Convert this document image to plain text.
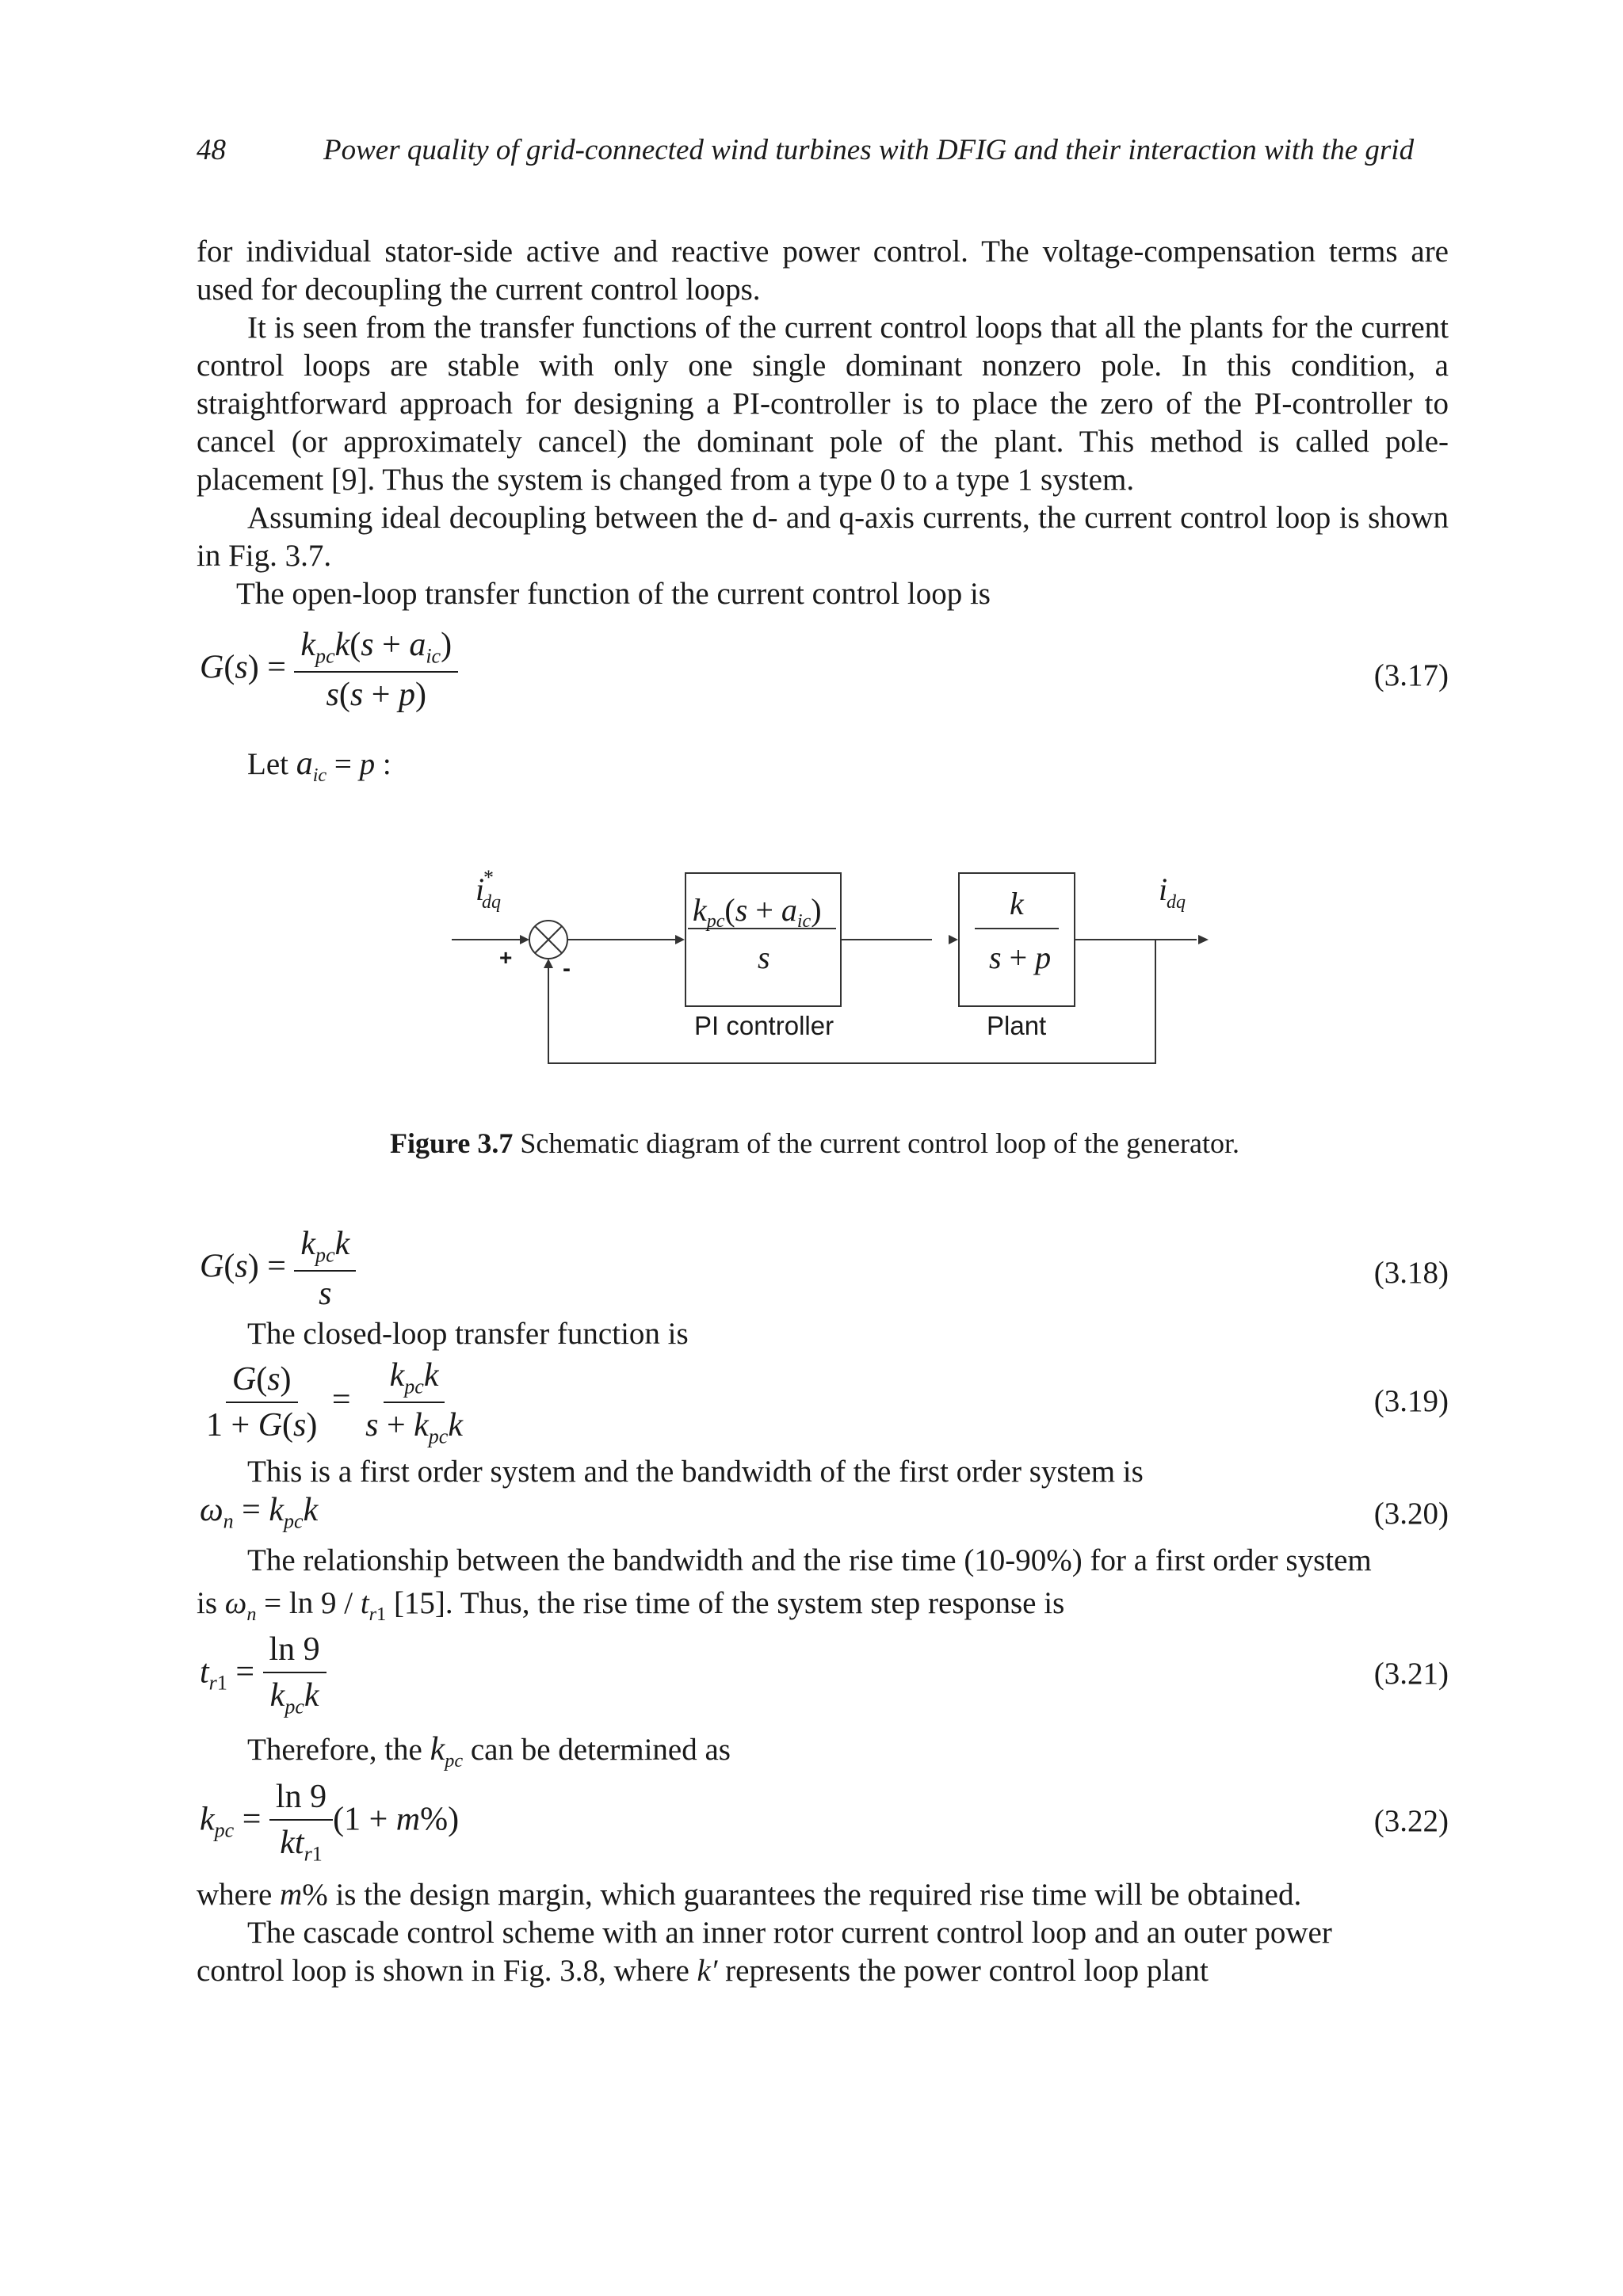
48	Power quality of grid-connected wind turbines with DFIG and their interaction with the grid
for individual stator-side active and reactive power control. The voltage-compensation terms are used for decoupling the current control loops.
It is seen from the transfer functions of the current control loops that all the plants for the current control loops are stable with only one single dominant nonzero pole. In this condition, a straightforward approach for designing a PI-controller is to place the zero of the PI-controller to cancel (or approximately cancel) the dominant pole of the plant. This method is called pole-placement [9]. Thus the system is changed from a type 0 to a type 1 system.
Assuming ideal decoupling between the d- and q-axis currents, the current control loop is shown in Fig. 3.7.
The open-loop transfer function of the current control loop is
$G(s) = \frac{k_{pc}k(s + a_{ic})}{s(s + p)}$	(3.17)
Let $a_{ic} = p$ :
i
dq
*
+ -
$k_{pc}(s + a_{ic})$
s
k
s + p
i
dq
PI controller	Plant
Figure 3.7 Schematic diagram of the current control loop of the generator.
$G(s) = \frac{k_{pc}k}{s}$	(3.18)
The closed-loop transfer function is
$\frac{G(s)}{1 + G(s)} = \frac{k_{pc}k}{s + k_{pc}k}$	(3.19)
This is a first order system and the bandwidth of the first order system is
$\omega_n = k_{pc}k$	(3.20)
The relationship between the bandwidth and the rise time (10-90%) for a first order system
is $\omega_n = \ln 9 / t_{r1}$ [15]. Thus, the rise time of the system step response is
$t_{r1} = \frac{\ln 9}{k_{pc}k}$	(3.21)
Therefore, the $k_{pc}$ can be determined as
$k_{pc} = \frac{\ln 9}{kt_{r1}} (1 + m\%)$	(3.22)
where m% is the design margin, which guarantees the required rise time will be obtained.
The cascade control scheme with an inner rotor current control loop and an outer power
control loop is shown in Fig. 3.8, where k′ represents the power control loop plant
